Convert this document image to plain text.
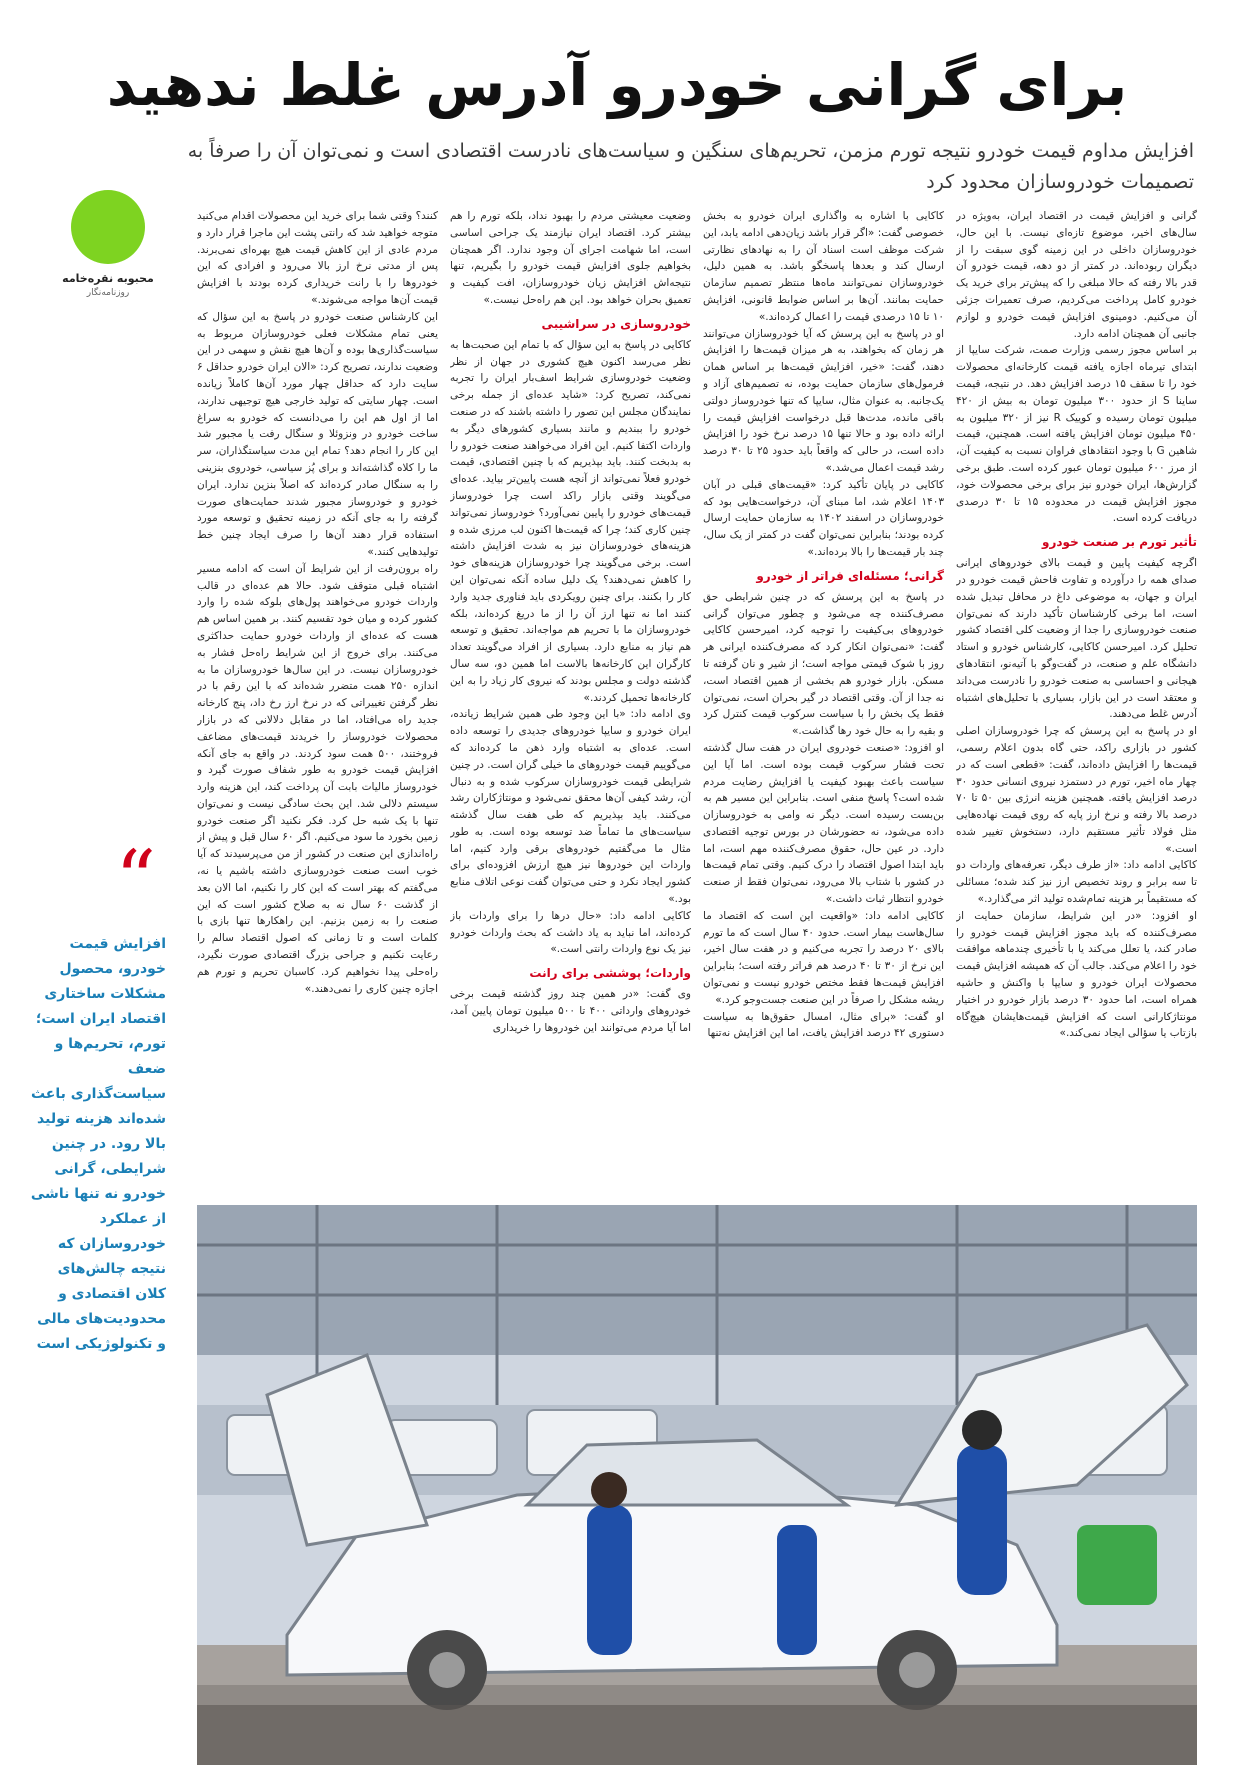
برای گرانی خودرو آدرس غلط ندهید
افزایش مداوم قیمت خودرو نتیجه تورم مزمن، تحریم‌های سنگین و سیاست‌های نادرست اقتصادی است و نمی‌توان آن را صرفاً به تصمیمات خودروسازان محدود کرد
محبوبه نقره‌خامه
روزنامه‌نگار
“
افزایش قیمت خودرو، محصول مشکلات ساختاری اقتصاد ایران است؛ تورم، تحریم‌ها و ضعف سیاست‌گذاری باعث شده‌اند هزینه تولید بالا رود. در چنین شرایطی، گرانی خودرو نه تنها ناشی از عملکرد خودروسازان که نتیجه چالش‌های کلان اقتصادی و محدودیت‌های مالی و تکنولوژیکی است

گرانی و افزایش قیمت در اقتصاد ایران، به‌ویژه در سال‌های اخیر، موضوع تازه‌ای نیست. با این حال، خودروسازان داخلی در این زمینه گوی سبقت را از دیگران ربوده‌اند. در کمتر از دو دهه، قیمت خودرو آن قدر بالا رفته که حالا مبلغی را که پیش‌تر برای خرید یک خودرو کامل پرداخت می‌کردیم، صرف تعمیرات جزئی آن می‌کنیم. دومینوی افزایش قیمت خودرو و لوازم جانبی آن همچنان ادامه دارد.

بر اساس مجوز رسمی وزارت صمت، شرکت سایپا از ابتدای تیرماه اجازه یافته قیمت کارخانه‌ای محصولات خود را تا سقف ۱۵ درصد افزایش دهد. در نتیجه، قیمت ساینا S از حدود ۳۰۰ میلیون تومان به بیش از ۴۲۰ میلیون تومان رسیده و کوییک R نیز از ۳۲۰ میلیون به ۴۵۰ میلیون تومان افزایش یافته است. همچنین، قیمت شاهین G با وجود انتقادهای فراوان نسبت به کیفیت آن، از مرز ۶۰۰ میلیون تومان عبور کرده است. طبق برخی گزارش‌ها، ایران خودرو نیز برای برخی محصولات خود، مجوز افزایش قیمت در محدوده ۱۵ تا ۳۰ درصدی دریافت کرده است.

تأثیر تورم بر صنعت خودرو

اگرچه کیفیت پایین و قیمت بالای خودروهای ایرانی صدای همه را درآورده و تفاوت فاحش قیمت خودرو در ایران و جهان، به موضوعی داغ در محافل تبدیل شده است، اما برخی کارشناسان تأکید دارند که نمی‌توان صنعت خودروسازی را جدا از وضعیت کلی اقتصاد کشور تحلیل کرد. امیرحسن کاکایی، کارشناس خودرو و استاد دانشگاه علم و صنعت، در گفت‌وگو با آتیه‌نو، انتقادهای هیجانی و احساسی به صنعت خودرو را نادرست می‌داند و معتقد است در این بازار، بسیاری با تحلیل‌های اشتباه آدرس غلط می‌دهند.

او در پاسخ به این پرسش که چرا خودروسازان اصلی کشور در بازاری راکد، حتی گاه بدون اعلام رسمی، قیمت‌ها را افزایش داده‌اند، گفت: «قطعی است که در چهار ماه اخیر، تورم در دستمزد نیروی انسانی حدود ۳۰ درصد افزایش یافته. همچنین هزینه انرژی بین ۵۰ تا ۷۰ درصد بالا رفته و نرخ ارز پایه که روی قیمت نهاده‌هایی مثل فولاد تأثیر مستقیم دارد، دستخوش تغییر شده است.»

کاکایی ادامه داد: «از طرف دیگر، تعرفه‌های واردات دو تا سه برابر و روند تخصیص ارز نیز کند شده؛ مسائلی که مستقیماً بر هزینه تمام‌شده تولید اثر می‌گذارد.»

او افزود: «در این شرایط، سازمان حمایت از مصرف‌کننده که باید مجوز افزایش قیمت خودرو را صادر کند، یا تعلل می‌کند یا با تأخیری چندماهه موافقت خود را اعلام می‌کند. جالب آن که همیشه افزایش قیمت محصولات ایران خودرو و سایپا با واکنش و حاشیه همراه است، اما حدود ۳۰ درصد بازار خودرو در اختیار مونتاژکارانی است که افزایش قیمت‌هایشان هیچ‌گاه بازتاب یا سؤالی ایجاد نمی‌کند.»

کاکایی با اشاره به واگذاری ایران خودرو به بخش خصوصی گفت: «اگر قرار باشد زیان‌دهی ادامه یابد، این شرکت موظف است اسناد آن را به نهادهای نظارتی ارسال کند و بعدها پاسخگو باشد. به همین دلیل، خودروسازان نمی‌توانند ماه‌ها منتظر تصمیم سازمان حمایت بمانند. آن‌ها بر اساس ضوابط قانونی، افزایش ۱۰ تا ۱۵ درصدی قیمت را اعمال کرده‌اند.»

او در پاسخ به این پرسش که آیا خودروسازان می‌توانند هر زمان که بخواهند، به هر میزان قیمت‌ها را افزایش دهند، گفت: «خیر، افزایش قیمت‌ها بر اساس همان فرمول‌های سازمان حمایت بوده، نه تصمیم‌های آزاد و یک‌جانبه. به عنوان مثال، سایپا که تنها خودروساز دولتی باقی مانده، مدت‌ها قبل درخواست افزایش قیمت را ارائه داده بود و حالا تنها ۱۵ درصد نرخ خود را افزایش داده است، در حالی که واقعاً باید حدود ۲۵ تا ۳۰ درصد رشد قیمت اعمال می‌شد.»

کاکایی در پایان تأکید کرد: «قیمت‌های قبلی در آبان ۱۴۰۳ اعلام شد، اما مبنای آن، درخواست‌هایی بود که خودروسازان در اسفند ۱۴۰۲ به سازمان حمایت ارسال کرده بودند؛ بنابراین نمی‌توان گفت در کمتر از یک سال، چند بار قیمت‌ها را بالا برده‌اند.»

گرانی؛ مسئله‌ای فراتر از خودرو

در پاسخ به این پرسش که در چنین شرایطی حق مصرف‌کننده چه می‌شود و چطور می‌توان گرانی خودروهای بی‌کیفیت را توجیه کرد، امیرحسن کاکایی گفت: «نمی‌توان انکار کرد که مصرف‌کننده ایرانی هر روز با شوک قیمتی مواجه است؛ از شیر و نان گرفته تا مسکن. بازار خودرو هم بخشی از همین اقتصاد است، نه جدا از آن. وقتی اقتصاد در گیر بحران است، نمی‌توان فقط یک بخش را با سیاست سرکوب قیمت کنترل کرد و بقیه را به حال خود رها گذاشت.»

او افزود: «صنعت خودروی ایران در هفت سال گذشته تحت فشار سرکوب قیمت بوده است. اما آیا این سیاست باعث بهبود کیفیت یا افزایش رضایت مردم شده است؟ پاسخ منفی است. بنابراین این مسیر هم به بن‌بست رسیده است. دیگر نه وامی به خودروسازان داده می‌شود، نه حضورشان در بورس توجیه اقتصادی دارد. در عین حال، حقوق مصرف‌کننده مهم است، اما باید ابتدا اصول اقتصاد را درک کنیم. وقتی تمام قیمت‌ها در کشور با شتاب بالا می‌رود، نمی‌توان فقط از صنعت خودرو انتظار ثبات داشت.»

کاکایی ادامه داد: «واقعیت این است که اقتصاد ما سال‌هاست بیمار است. حدود ۴۰ سال است که ما تورم بالای ۲۰ درصد را تجربه می‌کنیم و در هفت سال اخیر، این نرخ از ۳۰ تا ۴۰ درصد هم فراتر رفته است؛ بنابراین افزایش قیمت‌ها فقط مختص خودرو نیست و نمی‌توان ریشه مشکل را صرفاً در این صنعت جست‌وجو کرد.»

او گفت: «برای مثال، امسال حقوق‌ها به سیاست دستوری ۴۲ درصد افزایش یافت، اما این افزایش نه‌تنها

وضعیت معیشتی مردم را بهبود نداد، بلکه تورم را هم بیشتر کرد. اقتصاد ایران نیازمند یک جراحی اساسی است، اما شهامت اجرای آن وجود ندارد. اگر همچنان بخواهیم جلوی افزایش قیمت خودرو را بگیریم، تنها نتیجه‌اش افزایش زیان خودروسازان، افت کیفیت و تعمیق بحران خواهد بود. این هم راه‌حل نیست.»

خودروسازی در سراشیبی

کاکایی در پاسخ به این سؤال که با تمام این صحبت‌ها به نظر می‌رسد اکنون هیچ کشوری در جهان از نظر وضعیت خودروسازی شرایط اسف‌بار ایران را تجربه نمی‌کند، تصریح کرد: «شاید عده‌ای از جمله برخی نمایندگان مجلس این تصور را داشته باشند که در صنعت خودرو را ببندیم و مانند بسیاری کشورهای دیگر به واردات اکتفا کنیم. این افراد می‌خواهند صنعت خودرو را به بدبخت کنند. باید بپذیریم که با چنین اقتصادی، قیمت خودرو فعلاً نمی‌تواند از آنچه هست پایین‌تر بیاید. عده‌ای می‌گویند وقتی بازار راکد است چرا خودروساز قیمت‌های خودرو را پایین نمی‌آورد؟ خودروساز نمی‌تواند چنین کاری کند؛ چرا که قیمت‌ها اکنون لب مرزی شده و هزینه‌های خودروسازان نیز به شدت افزایش داشته است. برخی می‌گویند چرا خودروسازان هزینه‌های خود را کاهش نمی‌دهند؟ یک دلیل ساده آنکه نمی‌توان این کار را بکنند. برای چنین رویکردی باید فناوری جدید وارد کنند اما نه تنها ارز آن را از ما دریغ کرده‌اند، بلکه خودروسازان ما با تحریم هم مواجه‌اند. تحقیق و توسعه هم نیاز به منابع دارد. بسیاری از افراد می‌گویند تعداد کارگران این کارخانه‌ها بالاست اما همین دو، سه سال گذشته دولت و مجلس بودند که نیروی کار زیاد را به این کارخانه‌ها تحمیل کردند.»

وی ادامه داد: «با این وجود طی همین شرایط زیانده، ایران خودرو و سایپا خودروهای جدیدی را توسعه داده است. عده‌ای به اشتباه وارد ذهن ما کرده‌اند که می‌گوییم قیمت خودروهای ما خیلی گران است. در چنین شرایطی قیمت خودروسازان سرکوب شده و به دنبال آن، رشد کیفی آن‌ها محقق نمی‌شود و مونتاژکاران رشد می‌کنند. باید بپذیریم که طی هفت سال گذشته سیاست‌های ما تماماً ضد توسعه بوده است. به طور مثال ما می‌گفتیم خودروهای برقی وارد کنیم، اما واردات این خودروها نیز هیچ ارزش افزوده‌ای برای کشور ایجاد نکرد و حتی می‌توان گفت نوعی اتلاف منابع بود.»

کاکایی ادامه داد: «حال درها را برای واردات باز کرده‌اند، اما نباید به یاد داشت که بحث واردات خودرو نیز یک نوع واردات رانتی است.»

واردات؛ پوششی برای رانت

وی گفت: «در همین چند روز گذشته قیمت برخی خودروهای وارداتی ۴۰۰ تا ۵۰۰ میلیون تومان پایین آمد، اما آیا مردم می‌توانند این خودروها را خریداری

کنند؟ وقتی شما برای خرید این محصولات اقدام می‌کنید متوجه خواهید شد که رانتی پشت این ماجرا قرار دارد و مردم عادی از این کاهش قیمت هیچ بهره‌ای نمی‌برند. پس از مدتی نرخ ارز بالا می‌رود و افرادی که این خودروها را با رانت خریداری کرده بودند با افزایش قیمت آن‌ها مواجه می‌شوند.»

این کارشناس صنعت خودرو در پاسخ به این سؤال که یعنی تمام مشکلات فعلی خودروسازان مربوط به سیاست‌گذاری‌ها بوده و آن‌ها هیچ نقش و سهمی در این وضعیت ندارند، تصریح کرد: «الان ایران خودرو حداقل ۶ سایت دارد که حداقل چهار مورد آن‌ها کاملاً زیانده است. چهار سایتی که تولید خارجی هیچ توجیهی ندارند، اما از اول هم این را می‌دانست که خودرو به سراغ ساخت خودرو در ونزوئلا و سنگال رفت یا مجبور شد این کار را انجام دهد؟ تمام این مدت سیاستگذاران، سر ما را کلاه گذاشته‌اند و برای پُز سیاسی، خودروی بنزینی را به سنگال صادر کرده‌اند که اصلاً بنزین ندارد. ایران خودرو و خودروساز مجبور شدند حمایت‌های صورت گرفته را به جای آنکه در زمینه تحقیق و توسعه مورد استفاده قرار دهند آن‌ها را صرف ایجاد چنین خط تولیدهایی کنند.»

راه برون‌رفت از این شرایط آن است که ادامه مسیر اشتباه قبلی متوقف شود. حالا هم عده‌ای در قالب واردات خودرو می‌خواهند پول‌های بلوکه شده را وارد کشور کرده و میان خود تقسیم کنند. بر همین اساس هم هست که عده‌ای از واردات خودرو حمایت حداکثری می‌کنند. برای خروج از این شرایط راه‌حل فشار به خودروسازان نیست. در این سال‌ها خودروسازان ما به اندازه ۲۵۰ همت متضرر شده‌اند که با این رقم با در نظر گرفتن تغییراتی که در نرخ ارز رخ داد، پنج کارخانه جدید راه می‌افتاد، اما در مقابل دلالانی که در بازار محصولات خودروساز را خریدند قیمت‌های مضاعف فروختند، ۵۰۰ همت سود کردند. در واقع به جای آنکه افزایش قیمت خودرو به طور شفاف صورت گیرد و خودروساز مالیات بابت آن پرداخت کند، این هزینه وارد سیستم دلالی شد. این بحث سادگی نیست و نمی‌توان تنها با یک شبه حل کرد. فکر نکنید اگر صنعت خودرو زمین بخورد ما سود می‌کنیم. اگر ۶۰ سال قبل و پیش از راه‌اندازی این صنعت در کشور از من می‌پرسیدند که آیا خوب است صنعت خودروسازی داشته باشیم یا نه، می‌گفتم که بهتر است که این کار را نکنیم، اما الان بعد از گذشت ۶۰ سال نه به صلاح کشور است که این صنعت را به زمین بزنیم. این راهکارها تنها بازی با کلمات است و تا زمانی که اصول اقتصاد سالم را رعایت نکنیم و جراحی بزرگ اقتصادی صورت نگیرد، راه‌حلی پیدا نخواهیم کرد. کاسبان تحریم و تورم هم اجازه چنین کاری را نمی‌دهند.»
